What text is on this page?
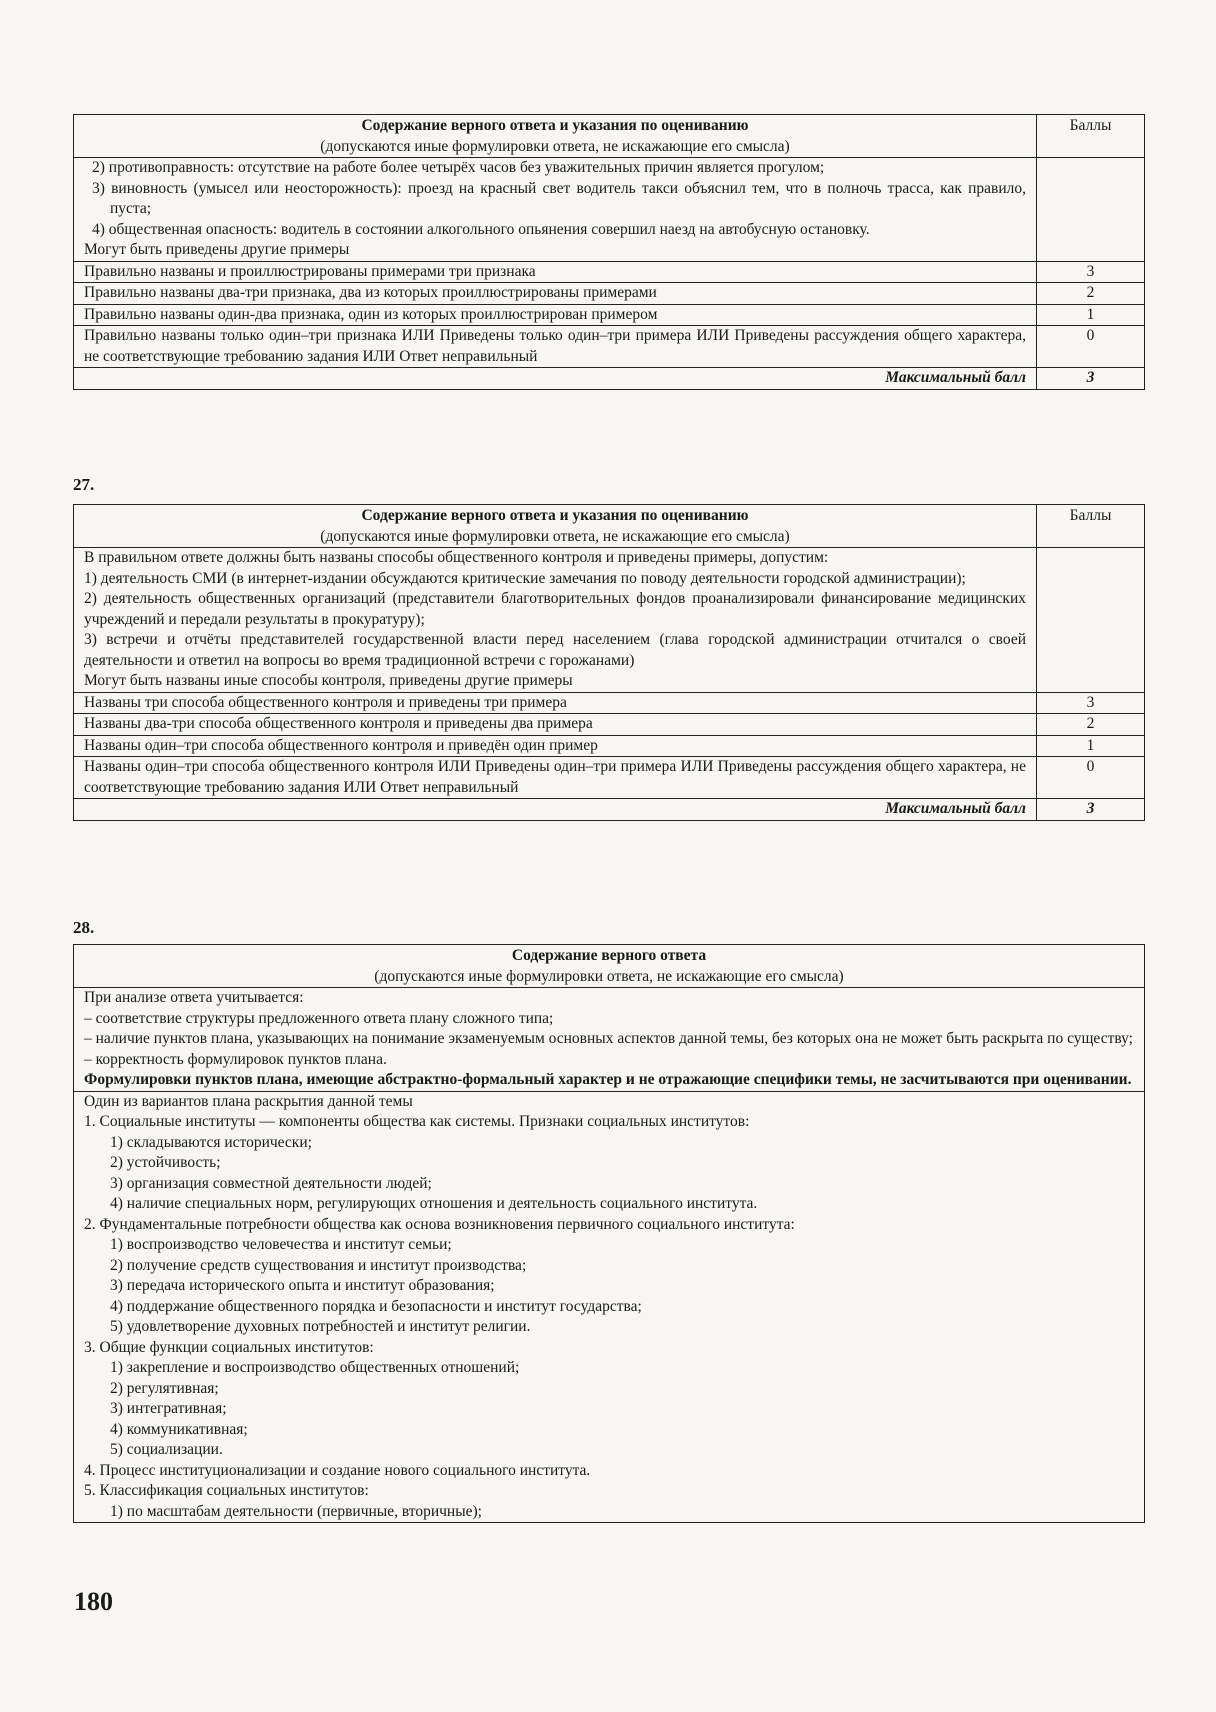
Содержание верного ответа и указания по оцениванию
(допускаются иные формулировки ответа, не искажающие его смысла)	Баллы

2) противоправность: отсутствие на работе более четырёх часов без уважительных причин является прогулом;
3) виновность (умысел или неосторожность): проезд на красный свет водитель такси объяснил тем, что в полночь трасса, как правило, пуста;
4) общественная опасность: водитель в состоянии алкогольного опьянения совершил наезд на автобусную остановку.
Могут быть приведены другие примеры	

Правильно названы и проиллюстрированы примерами три признака	3
Правильно названы два-три признака, два из которых проиллюстрированы примерами	2
Правильно названы один-два признака, один из которых проиллюстрирован примером	1
Правильно названы только один–три признака ИЛИ Приведены только один–три примера ИЛИ Приведены рассуждения общего характера, не соответствующие требованию задания ИЛИ Ответ неправильный	0
Максимальный балл	3
27.
Содержание верного ответа и указания по оцениванию
(допускаются иные формулировки ответа, не искажающие его смысла)	Баллы

В правильном ответе должны быть названы способы общественного контроля и приведены примеры, допустим:
1) деятельность СМИ (в интернет-издании обсуждаются критические замечания по поводу деятельности городской администрации);
2) деятельность общественных организаций (представители благотворительных фондов проанализировали финансирование медицинских учреждений и передали результаты в прокуратуру);
3) встречи и отчёты представителей государственной власти перед населением (глава городской администрации отчитался о своей деятельности и ответил на вопросы во время традиционной встречи с горожанами)
Могут быть названы иные способы контроля, приведены другие примеры	

Названы три способа общественного контроля и приведены три примера	3
Названы два-три способа общественного контроля и приведены два примера	2
Названы один–три способа общественного контроля и приведён один пример	1
Названы один–три способа общественного контроля ИЛИ Приведены один–три примера ИЛИ Приведены рассуждения общего характера, не соответствующие требованию задания ИЛИ Ответ неправильный	0
Максимальный балл	3
28.
Содержание верного ответа
(допускаются иные формулировки ответа, не искажающие его смысла)

При анализе ответа учитывается:
– соответствие структуры предложенного ответа плану сложного типа;
– наличие пунктов плана, указывающих на понимание экзаменуемым основных аспектов данной темы, без которых она не может быть раскрыта по существу;
– корректность формулировок пунктов плана.
Формулировки пунктов плана, имеющие абстрактно-формальный характер и не отражающие специфики темы, не засчитываются при оценивании.

Один из вариантов плана раскрытия данной темы
1. Социальные институты — компоненты общества как системы. Признаки социальных институтов:
1) складываются исторически;
2) устойчивость;
3) организация совместной деятельности людей;
4) наличие специальных норм, регулирующих отношения и деятельность социального института.
2. Фундаментальные потребности общества как основа возникновения первичного социального института:
1) воспроизводство человечества и институт семьи;
2) получение средств существования и институт производства;
3) передача исторического опыта и институт образования;
4) поддержание общественного порядка и безопасности и институт государства;
5) удовлетворение духовных потребностей и институт религии.
3. Общие функции социальных институтов:
1) закрепление и воспроизводство общественных отношений;
2) регулятивная;
3) интегративная;
4) коммуникативная;
5) социализации.
4. Процесс институционализации и создание нового социального института.
5. Классификация социальных институтов:
1) по масштабам деятельности (первичные, вторичные);
180
